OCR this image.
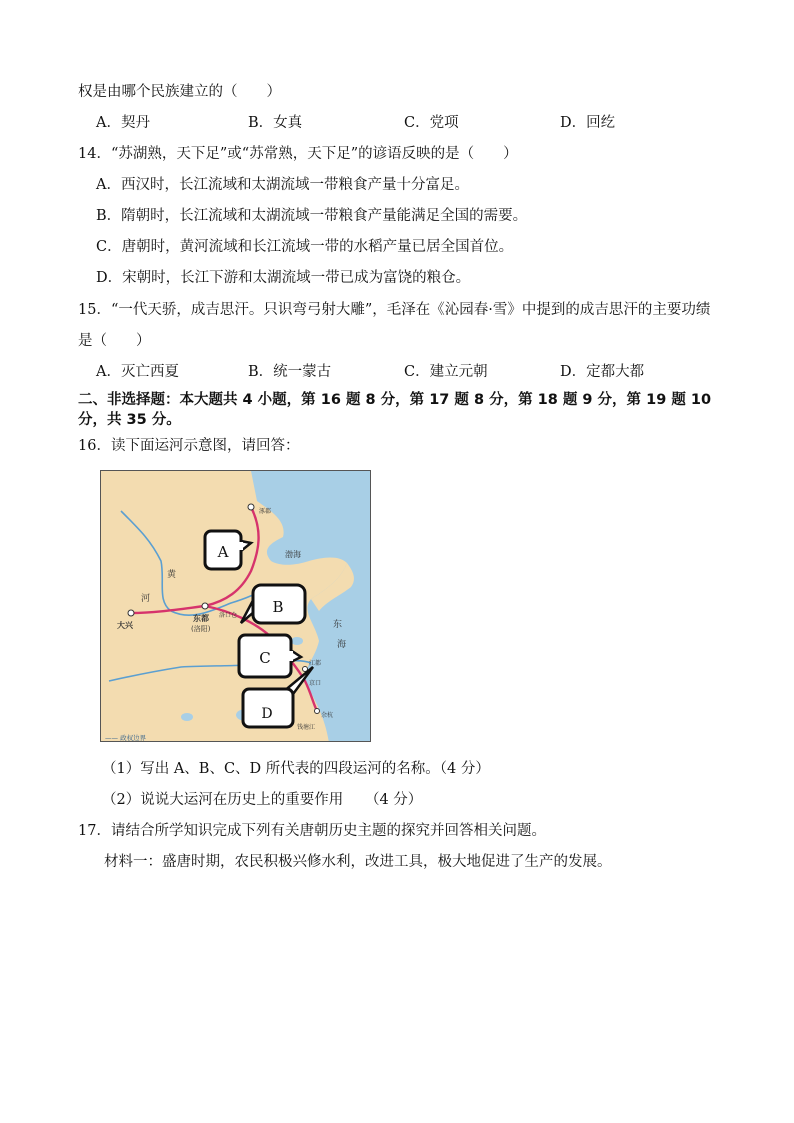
权是由哪个民族建立的（　　）
A．契丹	B．女真	C．党项	D．回纥
14．“苏湖熟，天下足”或“苏常熟，天下足”的谚语反映的是（　　）
A．西汉时，长江流域和太湖流域一带粮食产量十分富足。
B．隋朝时，长江流域和太湖流域一带粮食产量能满足全国的需要。
C．唐朝时，黄河流域和长江流域一带的水稻产量已居全国首位。
D．宋朝时，长江下游和太湖流域一带已成为富饶的粮仓。
15．“一代天骄，成吉思汗。只识弯弓射大雕”，毛泽在《沁园春·雪》中提到的成吉思汗的主要功绩
是（　　）
A．灭亡西夏	B．统一蒙古	C．建立元朝	D．定都大都
二、非选择题：本大题共 4 小题，第 16 题 8 分，第 17 题 8 分，第 18 题 9 分，第 19 题 10
分，共 35 分。
16．读下面运河示意图，请回答：
大兴
东都
(洛阳)
洛口仓
涿郡
渤海
东
海
黄
河
江都
京口
余杭
钱塘江
—— 政权边界
A
B
C
D
（1）写出 A、B、C、D 所代表的四段运河的名称。（4 分）
（2）说说大运河在历史上的重要作用　　（4 分）
17．请结合所学知识完成下列有关唐朝历史主题的探究并回答相关问题。
材料一：盛唐时期，农民积极兴修水利，改进工具，极大地促进了生产的发展。
